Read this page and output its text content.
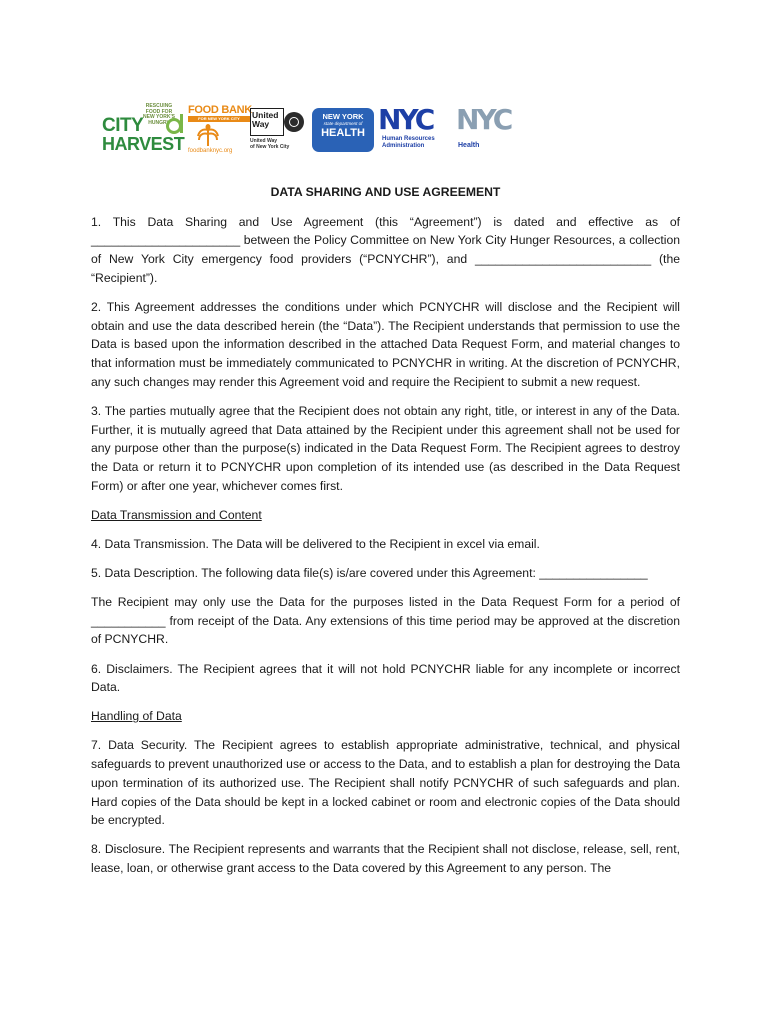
RESCUING FOOD FOR NEW YORK'S HUNGRY
CITY
HARVEST
FOOD BANK
FOR NEW YORK CITY
foodbanknyc.org
United
Way
United Way
of New York City
NEW YORK
state department of
HEALTH NYC
Human Resources
Administration
NYC
Health
DATA SHARING AND USE AGREEMENT

1. This Data Sharing and Use Agreement (this “Agreement”) is dated and effective as of ______________________ between the Policy Committee on New York City Hunger Resources, a collection of New York City emergency food providers (“PCNYCHR”), and __________________________ (the “Recipient”).

2. This Agreement addresses the conditions under which PCNYCHR will disclose and the Recipient will obtain and use the data described herein (the “Data”). The Recipient understands that permission to use the Data is based upon the information described in the attached Data Request Form, and material changes to that information must be immediately communicated to PCNYCHR in writing. At the discretion of PCNYCHR, any such changes may render this Agreement void and require the Recipient to submit a new request.

3. The parties mutually agree that the Recipient does not obtain any right, title, or interest in any of the Data. Further, it is mutually agreed that Data attained by the Recipient under this agreement shall not be used for any purpose other than the purpose(s) indicated in the Data Request Form. The Recipient agrees to destroy the Data or return it to PCNYCHR upon completion of its intended use (as described in the Data Request Form) or after one year, whichever comes first.

Data Transmission and Content

4. Data Transmission. The Data will be delivered to the Recipient in excel via email.

5. Data Description. The following data file(s) is/are covered under this Agreement: ________________

The Recipient may only use the Data for the purposes listed in the Data Request Form for a period of ___________ from receipt of the Data. Any extensions of this time period may be approved at the discretion of PCNYCHR.

6. Disclaimers. The Recipient agrees that it will not hold PCNYCHR liable for any incomplete or incorrect Data.

Handling of Data

7. Data Security. The Recipient agrees to establish appropriate administrative, technical, and physical safeguards to prevent unauthorized use or access to the Data, and to establish a plan for destroying the Data upon termination of its authorized use. The Recipient shall notify PCNYCHR of such safeguards and plan. Hard copies of the Data should be kept in a locked cabinet or room and electronic copies of the Data should be encrypted.

8. Disclosure. The Recipient represents and warrants that the Recipient shall not disclose, release, sell, rent, lease, loan, or otherwise grant access to the Data covered by this Agreement to any person. The
